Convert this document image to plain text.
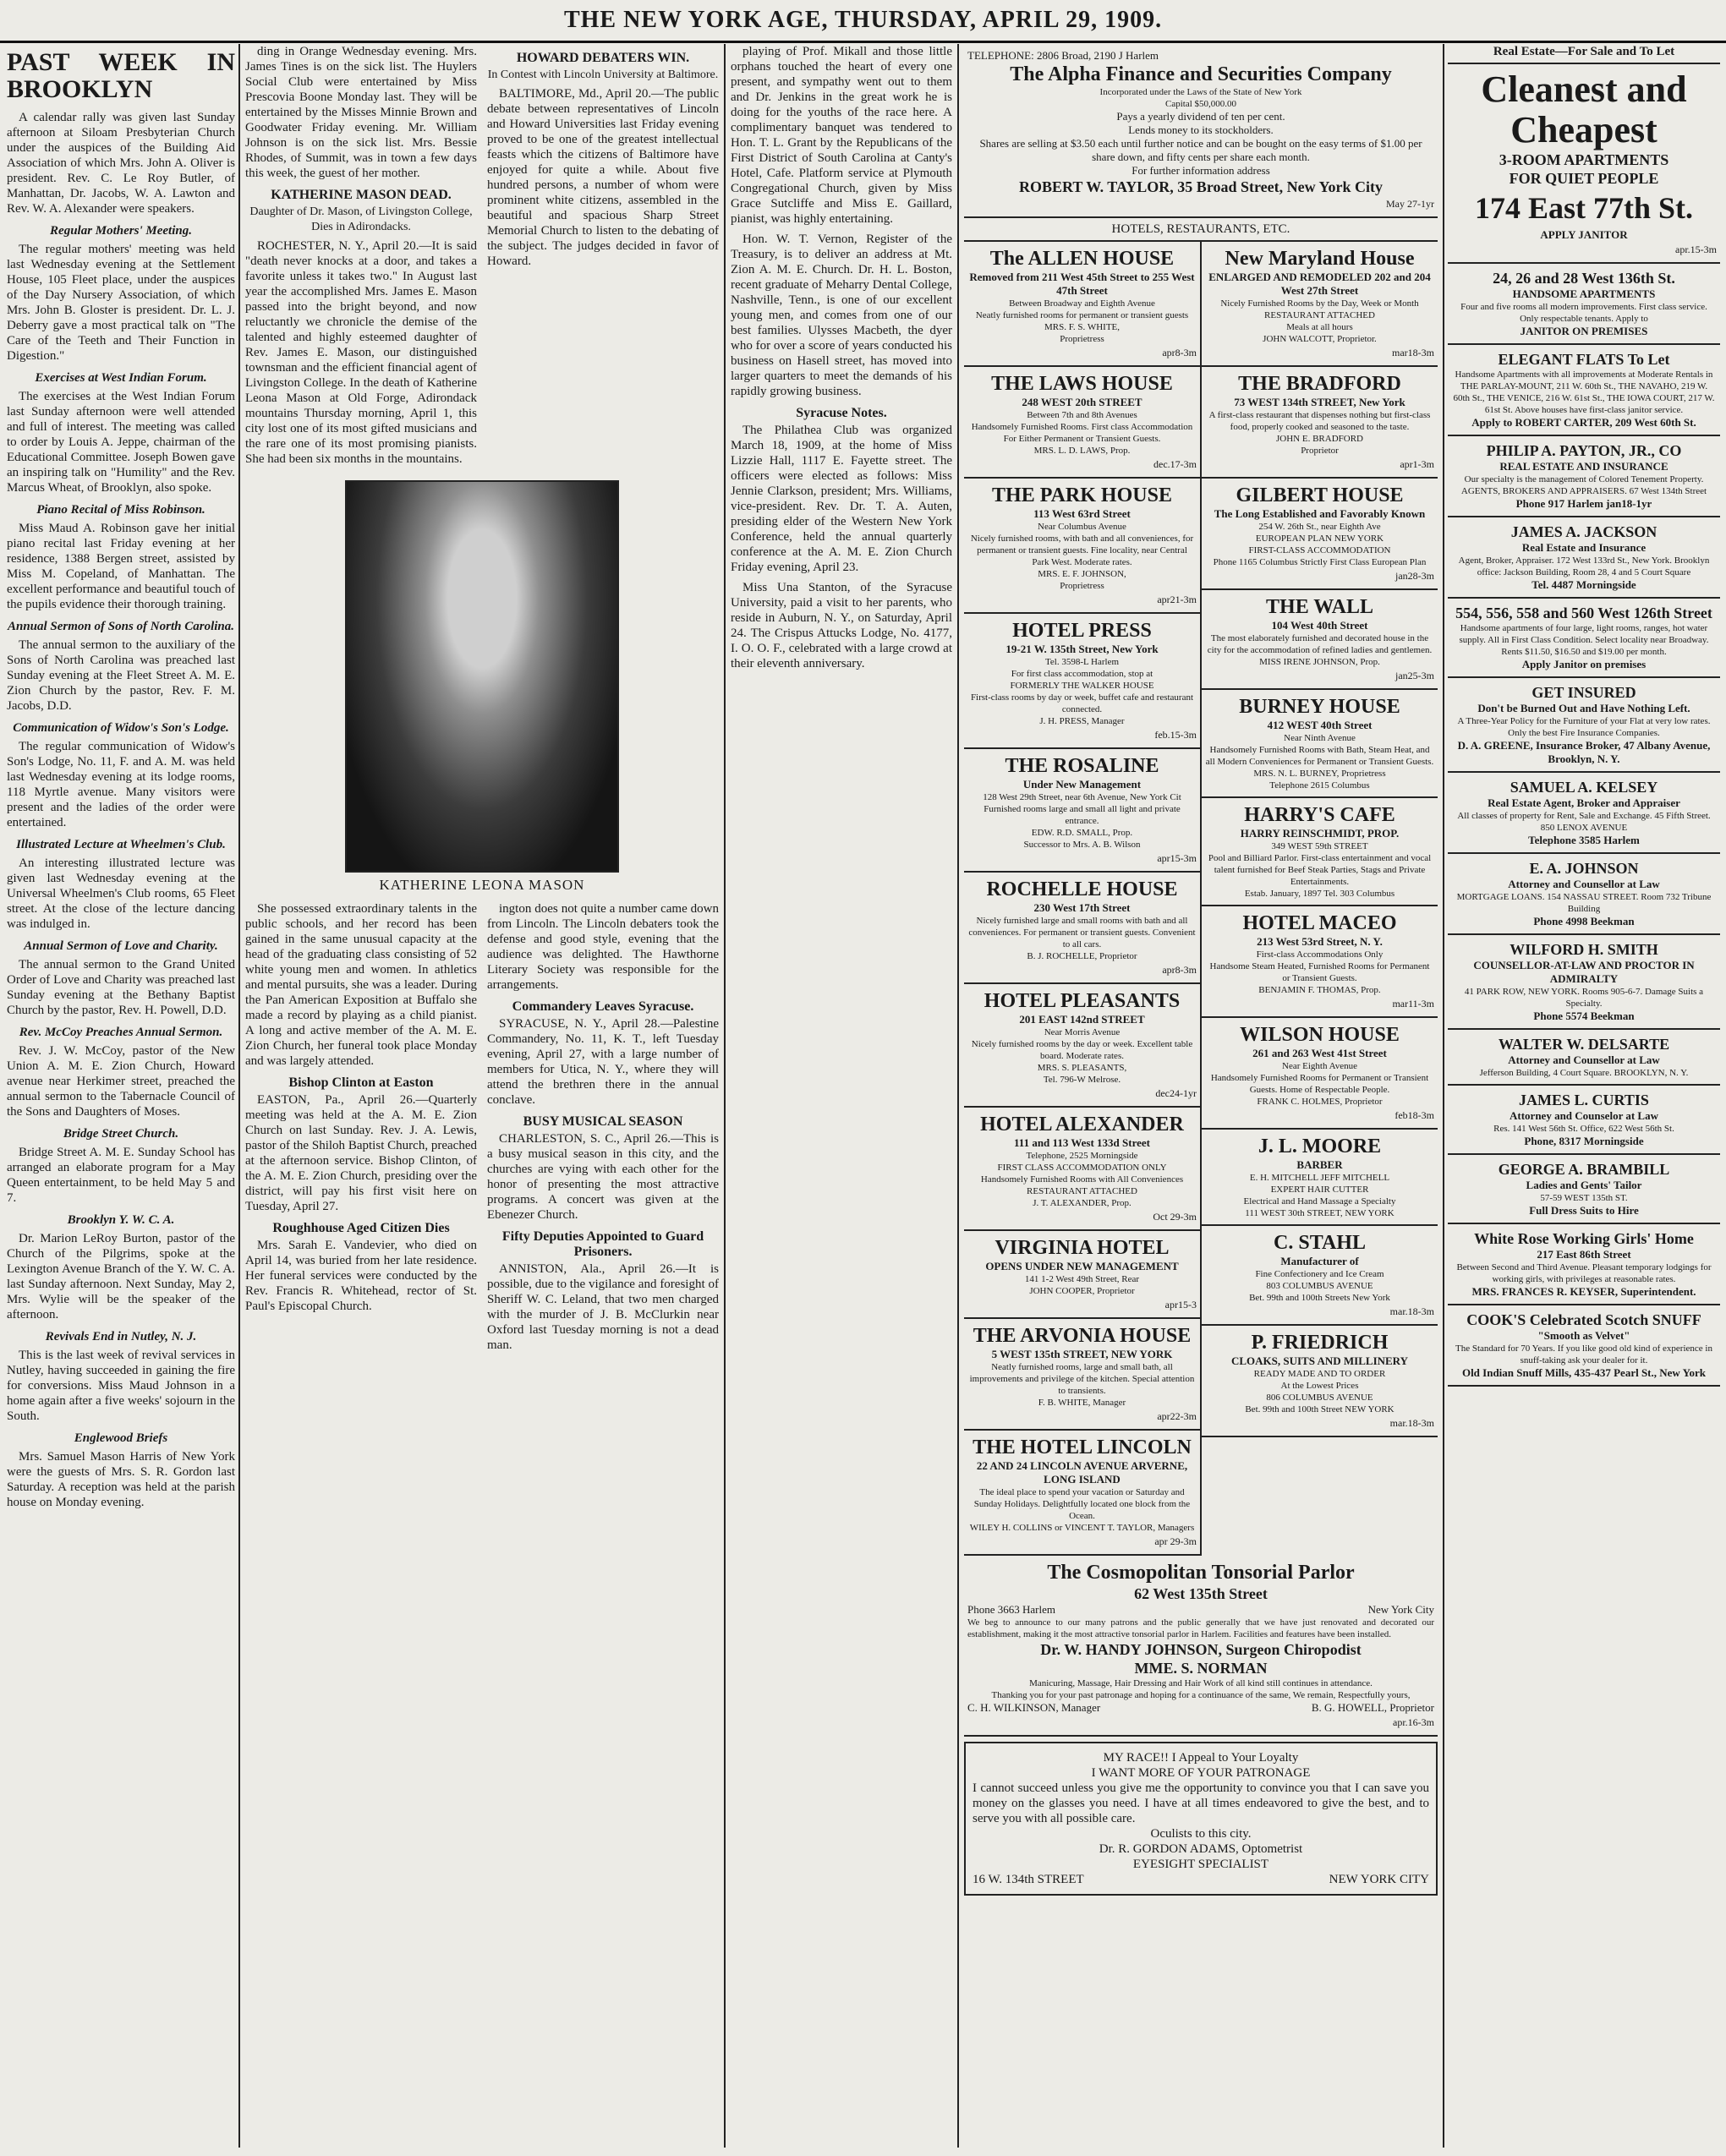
THE NEW YORK AGE, THURSDAY, APRIL 29, 1909.
PAST WEEK IN BROOKLYN

A calendar rally was given last Sunday afternoon at Siloam Presbyterian Church under the auspices of the Building Aid Association of which Mrs. John A. Oliver is president. Rev. C. Le Roy Butler, of Manhattan, Dr. Jacobs, W. A. Lawton and Rev. W. A. Alexander were speakers.

Regular Mothers' Meeting.

The regular mothers' meeting was held last Wednesday evening at the Settlement House, 105 Fleet place, under the auspices of the Day Nursery Association, of which Mrs. John B. Gloster is president. Dr. L. J. Deberry gave a most practical talk on "The Care of the Teeth and Their Function in Digestion."

Exercises at West Indian Forum.

The exercises at the West Indian Forum last Sunday afternoon were well attended and full of interest. The meeting was called to order by Louis A. Jeppe, chairman of the Educational Committee. Joseph Bowen gave an inspiring talk on "Humility" and the Rev. Marcus Wheat, of Brooklyn, also spoke.

Piano Recital of Miss Robinson.

Miss Maud A. Robinson gave her initial piano recital last Friday evening at her residence, 1388 Bergen street, assisted by Miss M. Copeland, of Manhattan. The excellent performance and beautiful touch of the pupils evidence their thorough training.

Annual Sermon of Sons of North Carolina.

The annual sermon to the auxiliary of the Sons of North Carolina was preached last Sunday evening at the Fleet Street A. M. E. Zion Church by the pastor, Rev. F. M. Jacobs, D.D.

Communication of Widow's Son's Lodge.

The regular communication of Widow's Son's Lodge, No. 11, F. and A. M. was held last Wednesday evening at its lodge rooms, 118 Myrtle avenue. Many visitors were present and the ladies of the order were entertained.

Illustrated Lecture at Wheelmen's Club.

An interesting illustrated lecture was given last Wednesday evening at the Universal Wheelmen's Club rooms, 65 Fleet street. At the close of the lecture dancing was indulged in.

Annual Sermon of Love and Charity.

The annual sermon to the Grand United Order of Love and Charity was preached last Sunday evening at the Bethany Baptist Church by the pastor, Rev. H. Powell, D.D.

Rev. McCoy Preaches Annual Sermon.

Rev. J. W. McCoy, pastor of the New Union A. M. E. Zion Church, Howard avenue near Herkimer street, preached the annual sermon to the Tabernacle Council of the Sons and Daughters of Moses.

Bridge Street Church.

Bridge Street A. M. E. Sunday School has arranged an elaborate program for a May Queen entertainment, to be held May 5 and 7.

Brooklyn Y. W. C. A.

Dr. Marion LeRoy Burton, pastor of the Church of the Pilgrims, spoke at the Lexington Avenue Branch of the Y. W. C. A. last Sunday afternoon. Next Sunday, May 2, Mrs. Wylie will be the speaker of the afternoon.

Revivals End in Nutley, N. J.

This is the last week of revival services in Nutley, having succeeded in gaining the fire for conversions. Miss Maud Johnson in a home again after a five weeks' sojourn in the South.

Englewood Briefs

Mrs. Samuel Mason Harris of New York were the guests of Mrs. S. R. Gordon last Saturday. A reception was held at the parish house on Monday evening.

ding in Orange Wednesday evening. Mrs. James Tines is on the sick list. The Huylers Social Club were entertained by Miss Prescovia Boone Monday last. They will be entertained by the Misses Minnie Brown and Goodwater Friday evening. Mr. William Johnson is on the sick list. Mrs. Bessie Rhodes, of Summit, was in town a few days this week, the guest of her mother.

KATHERINE MASON DEAD.
Daughter of Dr. Mason, of Livingston College, Dies in Adirondacks.

ROCHESTER, N. Y., April 20.—It is said "death never knocks at a door, and takes a favorite unless it takes two." In August last year the accomplished Mrs. James E. Mason passed into the bright beyond, and now reluctantly we chronicle the demise of the talented and highly esteemed daughter of Rev. James E. Mason, our distinguished townsman and the efficient financial agent of Livingston College. In the death of Katherine Leona Mason at Old Forge, Adirondack mountains Thursday morning, April 1, this city lost one of its most gifted musicians and the rare one of its most promising pianists. She had been six months in the mountains.

HOWARD DEBATERS WIN.
In Contest with Lincoln University at Baltimore.

BALTIMORE, Md., April 20.—The public debate between representatives of Lincoln and Howard Universities last Friday evening proved to be one of the greatest intellectual feasts which the citizens of Baltimore have enjoyed for quite a while. About five hundred persons, a number of whom were prominent white citizens, assembled in the beautiful and spacious Sharp Street Memorial Church to listen to the debating of the subject. The judges decided in favor of Howard.

KATHERINE LEONA MASON

She possessed extraordinary talents in the public schools, and her record has been gained in the same unusual capacity at the head of the graduating class consisting of 52 white young men and women. In athletics and mental pursuits, she was a leader. During the Pan American Exposition at Buffalo she made a record by playing as a child pianist. A long and active member of the A. M. E. Zion Church, her funeral took place Monday and was largely attended.

Bishop Clinton at Easton

EASTON, Pa., April 26.—Quarterly meeting was held at the A. M. E. Zion Church on last Sunday. Rev. J. A. Lewis, pastor of the Shiloh Baptist Church, preached at the afternoon service. Bishop Clinton, of the A. M. E. Zion Church, presiding over the district, will pay his first visit here on Tuesday, April 27.

Roughhouse Aged Citizen Dies

Mrs. Sarah E. Vandevier, who died on April 14, was buried from her late residence. Her funeral services were conducted by the Rev. Francis R. Whitehead, rector of St. Paul's Episcopal Church.

ington does not quite a number came down from Lincoln. The Lincoln debaters took the defense and good style, evening that the audience was delighted. The Hawthorne Literary Society was responsible for the arrangements.

Commandery Leaves Syracuse.

SYRACUSE, N. Y., April 28.—Palestine Commandery, No. 11, K. T., left Tuesday evening, April 27, with a large number of members for Utica, N. Y., where they will attend the brethren there in the annual conclave.

BUSY MUSICAL SEASON

CHARLESTON, S. C., April 26.—This is a busy musical season in this city, and the churches are vying with each other for the honor of presenting the most attractive programs. A concert was given at the Ebenezer Church.

Fifty Deputies Appointed to Guard Prisoners.

ANNISTON, Ala., April 26.—It is possible, due to the vigilance and foresight of Sheriff W. C. Leland, that two men charged with the murder of J. B. McClurkin near Oxford last Tuesday morning is not a dead man.

playing of Prof. Mikall and those little orphans touched the heart of every one present, and sympathy went out to them and Dr. Jenkins in the great work he is doing for the youths of the race here. A complimentary banquet was tendered to Hon. T. L. Grant by the Republicans of the First District of South Carolina at Canty's Hotel, Cafe. Platform service at Plymouth Congregational Church, given by Miss Grace Sutcliffe and Miss E. Gaillard, pianist, was highly entertaining.

Hon. W. T. Vernon, Register of the Treasury, is to deliver an address at Mt. Zion A. M. E. Church. Dr. H. L. Boston, recent graduate of Meharry Dental College, Nashville, Tenn., is one of our excellent young men, and comes from one of our best families. Ulysses Macbeth, the dyer who for over a score of years conducted his business on Hasell street, has moved into larger quarters to meet the demands of his rapidly growing business.

Syracuse Notes.

The Philathea Club was organized March 18, 1909, at the home of Miss Lizzie Hall, 1117 E. Fayette street. The officers were elected as follows: Miss Jennie Clarkson, president; Mrs. Williams, vice-president. Rev. Dr. T. A. Auten, presiding elder of the Western New York Conference, held the annual quarterly conference at the A. M. E. Zion Church Friday evening, April 23.

Miss Una Stanton, of the Syracuse University, paid a visit to her parents, who reside in Auburn, N. Y., on Saturday, April 24. The Crispus Attucks Lodge, No. 4177, I. O. O. F., celebrated with a large crowd at their eleventh anniversary.

TELEPHONE: 2806 Broad, 2190 J Harlem
The Alpha Finance and Securities Company
Incorporated under the Laws of the State of New York
Capital $50,000.00
Pays a yearly dividend of ten per cent.
Lends money to its stockholders.
Shares are selling at $3.50 each until further notice and can be bought on the easy terms of $1.00 per share down, and fifty cents per share each month.
For further information address
ROBERT W. TAYLOR, 35 Broad Street, New York City
May 27-1yr
HOTELS, RESTAURANTS, ETC.
The ALLEN HOUSE
Removed from 211 West 45th Street to 255 West 47th Street
Between Broadway and Eighth Avenue
Neatly furnished rooms for permanent or transient guests
MRS. F. S. WHITE,
Proprietress
apr8-3m
THE LAWS HOUSE
248 WEST 20th STREET
Between 7th and 8th Avenues
Handsomely Furnished Rooms. First class Accommodation For Either Permanent or Transient Guests.
MRS. L. D. LAWS, Prop.
dec.17-3m
THE PARK HOUSE
113 West 63rd Street
Near Columbus Avenue
Nicely furnished rooms, with bath and all conveniences, for permanent or transient guests. Fine locality, near Central Park West. Moderate rates.
MRS. E. F. JOHNSON,
Proprietress
apr21-3m
HOTEL PRESS
19-21 W. 135th Street, New York
Tel. 3598-L Harlem
For first class accommodation, stop at
FORMERLY THE WALKER HOUSE
First-class rooms by day or week, buffet cafe and restaurant connected.
J. H. PRESS, Manager
feb.15-3m
THE ROSALINE
Under New Management
128 West 29th Street, near 6th Avenue, New York Cit
Furnished rooms large and small all light and private entrance.
EDW. R.D. SMALL, Prop.
Successor to Mrs. A. B. Wilson
apr15-3m
ROCHELLE HOUSE
230 West 17th Street
Nicely furnished large and small rooms with bath and all conveniences. For permanent or transient guests. Convenient to all cars.
B. J. ROCHELLE, Proprietor
apr8-3m
HOTEL PLEASANTS
201 EAST 142nd STREET
Near Morris Avenue
Nicely furnished rooms by the day or week. Excellent table board. Moderate rates.
MRS. S. PLEASANTS,
Tel. 796-W Melrose.
dec24-1yr
HOTEL ALEXANDER
111 and 113 West 133d Street
Telephone, 2525 Morningside
FIRST CLASS ACCOMMODATION ONLY
Handsomely Furnished Rooms with All Conveniences
RESTAURANT ATTACHED
J. T. ALEXANDER, Prop.
Oct 29-3m
VIRGINIA HOTEL
OPENS UNDER NEW MANAGEMENT
141 1-2 West 49th Street, Rear
JOHN COOPER, Proprietor
apr15-3
THE ARVONIA HOUSE
5 WEST 135th STREET, NEW YORK
Neatly furnished rooms, large and small bath, all improvements and privilege of the kitchen. Special attention to transients.
F. B. WHITE, Manager
apr22-3m
THE HOTEL LINCOLN
22 AND 24 LINCOLN AVENUE ARVERNE, LONG ISLAND
The ideal place to spend your vacation or Saturday and Sunday Holidays. Delightfully located one block from the Ocean.
WILEY H. COLLINS or VINCENT T. TAYLOR, Managers
apr 29-3m
New Maryland House
ENLARGED AND REMODELED 202 and 204 West 27th Street
Nicely Furnished Rooms by the Day, Week or Month
RESTAURANT ATTACHED
Meals at all hours
JOHN WALCOTT, Proprietor.
mar18-3m
THE BRADFORD
73 WEST 134th STREET, New York
A first-class restaurant that dispenses nothing but first-class food, properly cooked and seasoned to the taste.
JOHN E. BRADFORD
Proprietor
apr1-3m
GILBERT HOUSE
The Long Established and Favorably Known
254 W. 26th St., near Eighth Ave
EUROPEAN PLAN NEW YORK
FIRST-CLASS ACCOMMODATION
Phone 1165 Columbus Strictly First Class European Plan
jan28-3m
THE WALL
104 West 40th Street
The most elaborately furnished and decorated house in the city for the accommodation of refined ladies and gentlemen.
MISS IRENE JOHNSON, Prop.
jan25-3m
BURNEY HOUSE
412 WEST 40th Street
Near Ninth Avenue
Handsomely Furnished Rooms with Bath, Steam Heat, and all Modern Conveniences for Permanent or Transient Guests.
MRS. N. L. BURNEY, Proprietress
Telephone 2615 Columbus
HARRY'S CAFE
HARRY REINSCHMIDT, PROP.
349 WEST 59th STREET
Pool and Billiard Parlor. First-class entertainment and vocal talent furnished for Beef Steak Parties, Stags and Private Entertainments.
Estab. January, 1897 Tel. 303 Columbus
HOTEL MACEO
213 West 53rd Street, N. Y.
First-class Accommodations Only
Handsome Steam Heated, Furnished Rooms for Permanent or Transient Guests.
BENJAMIN F. THOMAS, Prop.
mar11-3m
WILSON HOUSE
261 and 263 West 41st Street
Near Eighth Avenue
Handsomely Furnished Rooms for Permanent or Transient Guests. Home of Respectable People.
FRANK C. HOLMES, Proprietor
feb18-3m
J. L. MOORE
BARBER
E. H. MITCHELL JEFF MITCHELL
EXPERT HAIR CUTTER
Electrical and Hand Massage a Specialty
111 WEST 30th STREET, NEW YORK
C. STAHL
Manufacturer of
Fine Confectionery and Ice Cream
803 COLUMBUS AVENUE
Bet. 99th and 100th Streets New York
mar.18-3m
P. FRIEDRICH
CLOAKS, SUITS AND MILLINERY
READY MADE AND TO ORDER
At the Lowest Prices
806 COLUMBUS AVENUE
Bet. 99th and 100th Street NEW YORK
mar.18-3m
The Cosmopolitan Tonsorial Parlor
62 West 135th Street
Phone 3663 Harlem	New York City
We beg to announce to our many patrons and the public generally that we have just renovated and decorated our establishment, making it the most attractive tonsorial parlor in Harlem. Facilities and features have been installed.
Dr. W. HANDY JOHNSON, Surgeon Chiropodist
MME. S. NORMAN
Manicuring, Massage, Hair Dressing and Hair Work of all kind still continues in attendance.
Thanking you for your past patronage and hoping for a continuance of the same, We remain, Respectfully yours,
C. H. WILKINSON, Manager	B. G. HOWELL, Proprietor
apr.16-3m
MY RACE!! I Appeal to Your Loyalty
I WANT MORE OF YOUR PATRONAGE
I cannot succeed unless you give me the opportunity to convince you that I can save you money on the glasses you need. I have at all times endeavored to give the best, and to serve you with all possible care.
Oculists to this city.
Dr. R. GORDON ADAMS, Optometrist
EYESIGHT SPECIALIST
16 W. 134th STREET	NEW YORK CITY
Real Estate—For Sale and To Let
Cleanest and
Cheapest
3-ROOM APARTMENTS
FOR QUIET PEOPLE
174 East 77th St.
APPLY JANITOR
apr.15-3m
24, 26 and 28 West 136th St.
HANDSOME APARTMENTS
Four and five rooms all modern improvements. First class service. Only respectable tenants. Apply to
JANITOR ON PREMISES
ELEGANT FLATS To Let
Handsome Apartments with all improvements at Moderate Rentals in THE PARLAY-MOUNT, 211 W. 60th St., THE NAVAHO, 219 W. 60th St., THE VENICE, 216 W. 61st St., THE IOWA COURT, 217 W. 61st St. Above houses have first-class janitor service.
Apply to ROBERT CARTER, 209 West 60th St.
PHILIP A. PAYTON, JR., CO
REAL ESTATE AND INSURANCE
Our specialty is the management of Colored Tenement Property. AGENTS, BROKERS AND APPRAISERS. 67 West 134th Street
Phone 917 Harlem jan18-1yr
JAMES A. JACKSON
Real Estate and Insurance
Agent, Broker, Appraiser. 172 West 133rd St., New York. Brooklyn office: Jackson Building, Room 28, 4 and 5 Court Square
Tel. 4487 Morningside
554, 556, 558 and 560 West 126th Street
Handsome apartments of four large, light rooms, ranges, hot water supply. All in First Class Condition. Select locality near Broadway. Rents $11.50, $16.50 and $19.00 per month.
Apply Janitor on premises
GET INSURED
Don't be Burned Out and Have Nothing Left.
A Three-Year Policy for the Furniture of your Flat at very low rates. Only the best Fire Insurance Companies.
D. A. GREENE, Insurance Broker, 47 Albany Avenue, Brooklyn, N. Y.
SAMUEL A. KELSEY
Real Estate Agent, Broker and Appraiser
All classes of property for Rent, Sale and Exchange. 45 Fifth Street. 850 LENOX AVENUE
Telephone 3585 Harlem
E. A. JOHNSON
Attorney and Counsellor at Law
MORTGAGE LOANS. 154 NASSAU STREET. Room 732 Tribune Building
Phone 4998 Beekman
WILFORD H. SMITH
COUNSELLOR-AT-LAW AND PROCTOR IN ADMIRALTY
41 PARK ROW, NEW YORK. Rooms 905-6-7. Damage Suits a Specialty.
Phone 5574 Beekman
WALTER W. DELSARTE
Attorney and Counsellor at Law
Jefferson Building, 4 Court Square. BROOKLYN, N. Y.
JAMES L. CURTIS
Attorney and Counselor at Law
Res. 141 West 56th St. Office, 622 West 56th St.
Phone, 8317 Morningside
GEORGE A. BRAMBILL
Ladies and Gents' Tailor
57-59 WEST 135th ST.
Full Dress Suits to Hire
White Rose Working Girls' Home
217 East 86th Street
Between Second and Third Avenue. Pleasant temporary lodgings for working girls, with privileges at reasonable rates.
MRS. FRANCES R. KEYSER, Superintendent.
COOK'S Celebrated Scotch SNUFF
"Smooth as Velvet"
The Standard for 70 Years. If you like good old kind of experience in snuff-taking ask your dealer for it.
Old Indian Snuff Mills, 435-437 Pearl St., New York
